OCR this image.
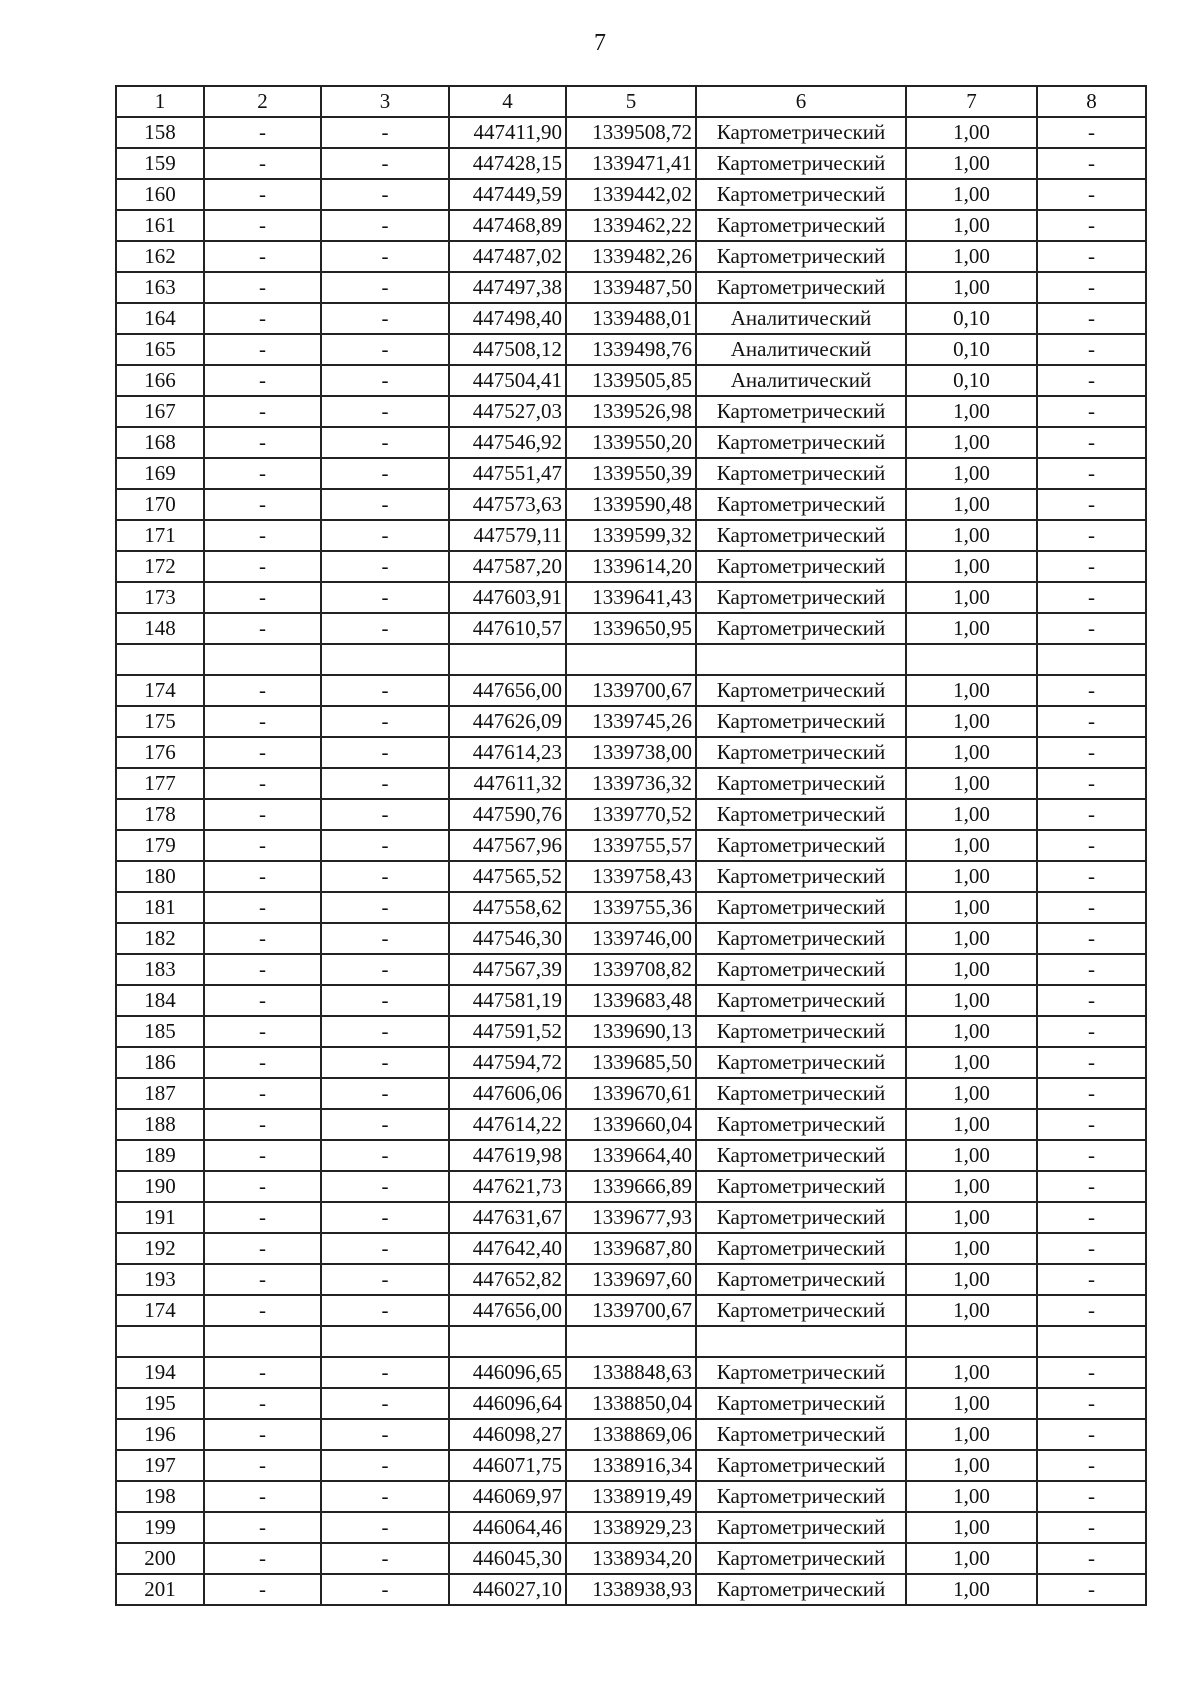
7
1	2	3	4	5	6	7	8
158	-	-	447411,90	1339508,72	Картометрический	1,00	-
159	-	-	447428,15	1339471,41	Картометрический	1,00	-
160	-	-	447449,59	1339442,02	Картометрический	1,00	-
161	-	-	447468,89	1339462,22	Картометрический	1,00	-
162	-	-	447487,02	1339482,26	Картометрический	1,00	-
163	-	-	447497,38	1339487,50	Картометрический	1,00	-
164	-	-	447498,40	1339488,01	Аналитический	0,10	-
165	-	-	447508,12	1339498,76	Аналитический	0,10	-
166	-	-	447504,41	1339505,85	Аналитический	0,10	-
167	-	-	447527,03	1339526,98	Картометрический	1,00	-
168	-	-	447546,92	1339550,20	Картометрический	1,00	-
169	-	-	447551,47	1339550,39	Картометрический	1,00	-
170	-	-	447573,63	1339590,48	Картометрический	1,00	-
171	-	-	447579,11	1339599,32	Картометрический	1,00	-
172	-	-	447587,20	1339614,20	Картометрический	1,00	-
173	-	-	447603,91	1339641,43	Картометрический	1,00	-
148	-	-	447610,57	1339650,95	Картометрический	1,00	-

174	-	-	447656,00	1339700,67	Картометрический	1,00	-
175	-	-	447626,09	1339745,26	Картометрический	1,00	-
176	-	-	447614,23	1339738,00	Картометрический	1,00	-
177	-	-	447611,32	1339736,32	Картометрический	1,00	-
178	-	-	447590,76	1339770,52	Картометрический	1,00	-
179	-	-	447567,96	1339755,57	Картометрический	1,00	-
180	-	-	447565,52	1339758,43	Картометрический	1,00	-
181	-	-	447558,62	1339755,36	Картометрический	1,00	-
182	-	-	447546,30	1339746,00	Картометрический	1,00	-
183	-	-	447567,39	1339708,82	Картометрический	1,00	-
184	-	-	447581,19	1339683,48	Картометрический	1,00	-
185	-	-	447591,52	1339690,13	Картометрический	1,00	-
186	-	-	447594,72	1339685,50	Картометрический	1,00	-
187	-	-	447606,06	1339670,61	Картометрический	1,00	-
188	-	-	447614,22	1339660,04	Картометрический	1,00	-
189	-	-	447619,98	1339664,40	Картометрический	1,00	-
190	-	-	447621,73	1339666,89	Картометрический	1,00	-
191	-	-	447631,67	1339677,93	Картометрический	1,00	-
192	-	-	447642,40	1339687,80	Картометрический	1,00	-
193	-	-	447652,82	1339697,60	Картометрический	1,00	-
174	-	-	447656,00	1339700,67	Картометрический	1,00	-

194	-	-	446096,65	1338848,63	Картометрический	1,00	-
195	-	-	446096,64	1338850,04	Картометрический	1,00	-
196	-	-	446098,27	1338869,06	Картометрический	1,00	-
197	-	-	446071,75	1338916,34	Картометрический	1,00	-
198	-	-	446069,97	1338919,49	Картометрический	1,00	-
199	-	-	446064,46	1338929,23	Картометрический	1,00	-
200	-	-	446045,30	1338934,20	Картометрический	1,00	-
201	-	-	446027,10	1338938,93	Картометрический	1,00	-
